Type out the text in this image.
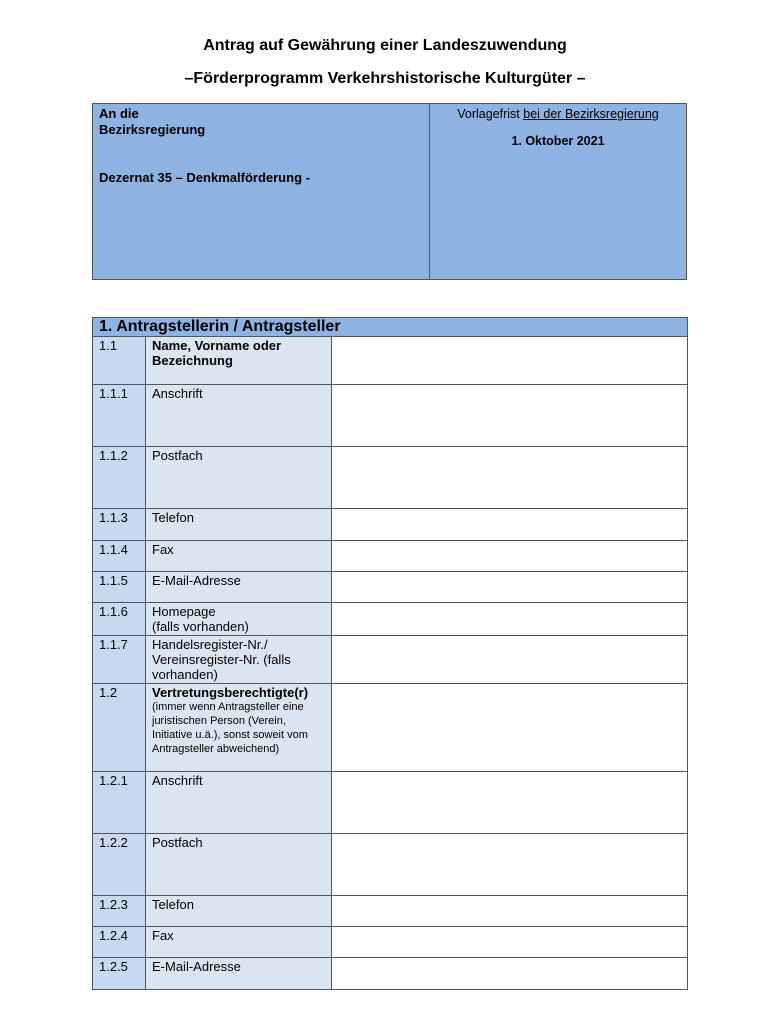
Antrag auf Gewährung einer Landeszuwendung
–Förderprogramm Verkehrshistorische Kulturgüter –
An die
Bezirksregierung
Dezernat 35 – Denkmalförderung -
Vorlagefrist bei der Bezirksregierung
1. Oktober 2021
1. Antragstellerin / Antragsteller
1.1	Name, Vorname oder Bezeichnung	
1.1.1	Anschrift	
1.1.2	Postfach	
1.1.3	Telefon	
1.1.4	Fax	
1.1.5	E-Mail-Adresse	
1.1.6	Homepage
(falls vorhanden)	

1.1.7	Handelsregister-Nr./ Vereinsregister-Nr. (falls vorhanden)	
1.2	Vertretungsberechtigte(r)
(immer wenn Antragsteller eine juristischen Person (Verein, Initiative u.ä.), sonst soweit vom Antragsteller abweichend)	

1.2.1	Anschrift	
1.2.2	Postfach	
1.2.3	Telefon	
1.2.4	Fax	
1.2.5	E-Mail-Adresse	
